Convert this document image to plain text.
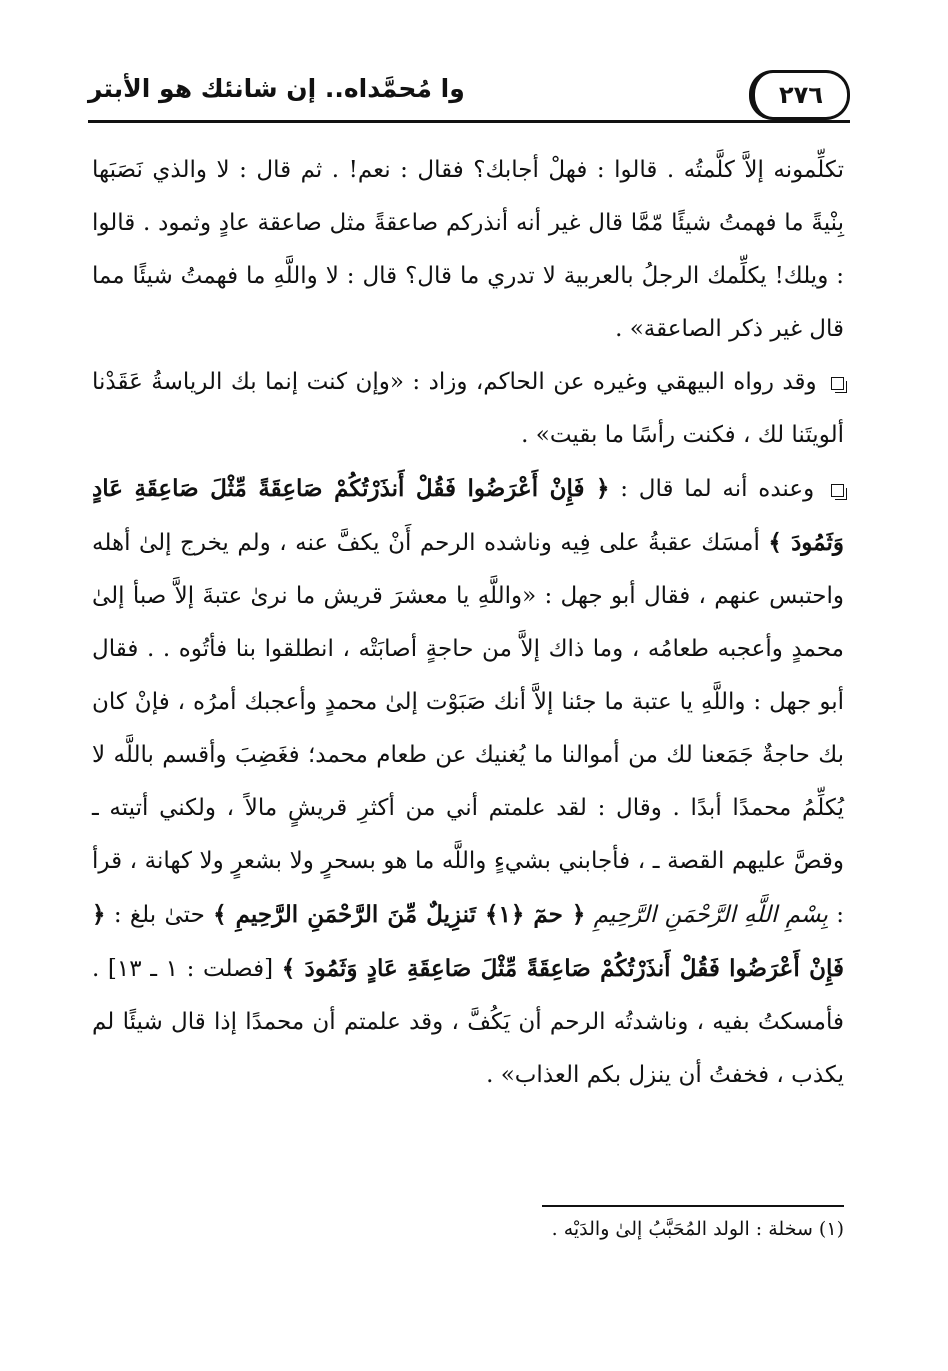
٢٧٦
وا مُحمَّداه.. إن شانئك هو الأبتر

تكلِّمونه إلاَّ كلَّمتُه . قالوا : فهلْ أجابك؟ فقال : نعم! . ثم قال : لا والذي نَصَبَها بِنْيةً ما فهمتُ شيئًا مّمَّا قال غير أنه أنذركم صاعقةً مثل صاعقة عادٍ وثمود . قالوا : ويلك! يكلِّمك الرجلُ بالعربية لا تدري ما قال؟ قال : لا واللَّهِ ما فهمتُ شيئًا مما قال غير ذكر الصاعقة» .

وقد رواه البيهقي وغيره عن الحاكم، وزاد : «وإن كنت إنما بك الرياسةُ عَقَدْنا ألويتَنا لك ، فكنت رأسًا ما بقيت» .

وعنده أنه لما قال : ﴿ فَإِنْ أَعْرَضُوا فَقُلْ أَنذَرْتُكُمْ صَاعِقَةً مِّثْلَ صَاعِقَةِ عَادٍ وَثَمُودَ ﴾ أمسَك عقبةُ على فِيه وناشده الرحم أَنْ يكفَّ عنه ، ولم يخرج إلىٰ أهله واحتبس عنهم ، فقال أبو جهل : «واللَّهِ يا معشرَ قريش ما نرىٰ عتبةَ إلاَّ صبأ إلىٰ محمدٍ وأعجبه طعامُه ، وما ذاك إلاَّ من حاجةٍ أصابَتْه ، انطلقوا بنا فأتُوه . . فقال أبو جهل : واللَّهِ يا عتبة ما جئنا إلاَّ أنك صَبَوْت إلىٰ محمدٍ وأعجبك أمرُه ، فإنْ كان بك حاجةٌ جَمَعنا لك من أموالنا ما يُغنيك عن طعام محمد؛ فغَضِبَ وأقسم باللَّه لا يُكلِّمُ محمدًا أبدًا . وقال : لقد علمتم أني من أكثرِ قريشٍ مالاً ، ولكني أتيته ـ وقصَّ عليهم القصة ـ ، فأجابني بشيءٍ واللَّه ما هو بسحرٍ ولا بشعرٍ ولا كهانة ، قرأ : بِسْمِ اللَّهِ الرَّحْمَنِ الرَّحِيمِ ﴿ حمٓ ﴿١﴾ تَنزِيلٌ مِّنَ الرَّحْمَنِ الرَّحِيمِ ﴾ حتىٰ بلغ : ﴿ فَإِنْ أَعْرَضُوا فَقُلْ أَنذَرْتُكُمْ صَاعِقَةً مِّثْلَ صَاعِقَةِ عَادٍ وَثَمُودَ ﴾ [فصلت : ١ ـ ١٣] . فأمسكتُ بفيه ، وناشدتُه الرحم أن يَكُفَّ ، وقد علمتم أن محمدًا إذا قال شيئًا لم يكذب ، فخفتُ أن ينزل بكم العذاب» .

(١) سخلة : الولد المُحَبَّبُ إلىٰ والدَيْه .
